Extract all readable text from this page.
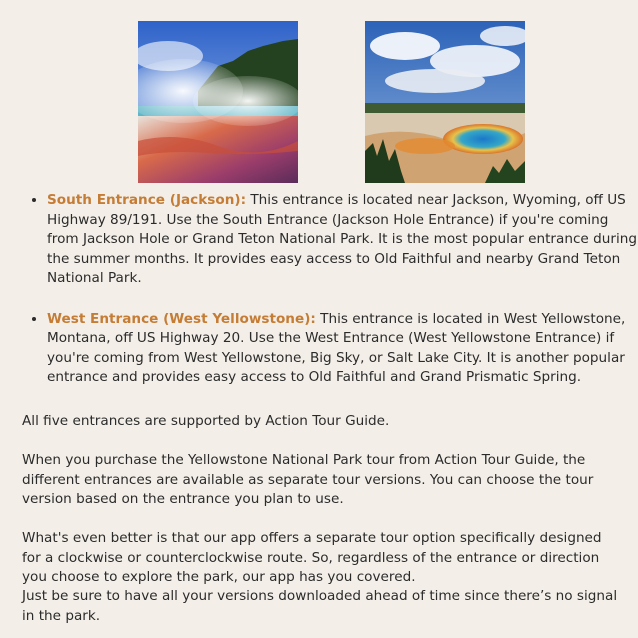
• South Entrance (Jackson): This entrance is located near Jackson, Wyoming, off US Highway 89/191. Use the South Entrance (Jackson Hole Entrance) if you're coming from Jackson Hole or Grand Teton National Park. It is the most popular entrance during the summer months. It provides easy access to Old Faithful and nearby Grand Teton National Park.
• West Entrance (West Yellowstone): This entrance is located in West Yellowstone, Montana, off US Highway 20. Use the West Entrance (West Yellowstone Entrance) if you're coming from West Yellowstone, Big Sky, or Salt Lake City. It is another popular entrance and provides easy access to Old Faithful and Grand Prismatic Spring.

All five entrances are supported by Action Tour Guide.

When you purchase the Yellowstone National Park tour from Action Tour Guide, the different entrances are available as separate tour versions. You can choose the tour version based on the entrance you plan to use.

What's even better is that our app offers a separate tour option specifically designed for a clockwise or counterclockwise route. So, regardless of the entrance or direction you choose to explore the park, our app has you covered.

Just be sure to have all your versions downloaded ahead of time since there’s no signal in the park.
